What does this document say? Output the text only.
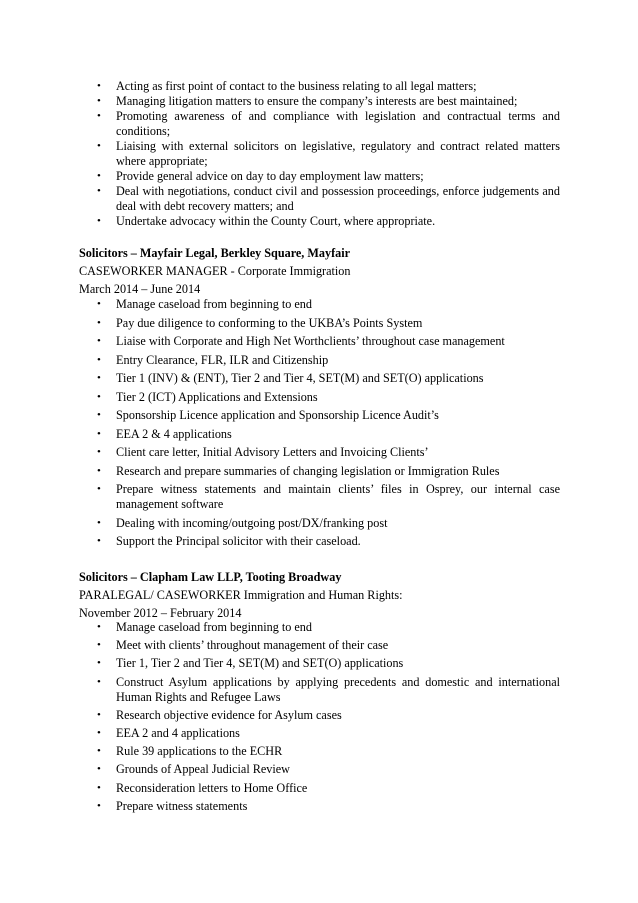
• Acting as first point of contact to the business relating to all legal matters;
• Managing litigation matters to ensure the company’s interests are best maintained;
• Promoting awareness of and compliance with legislation and contractual terms and conditions;
• Liaising with external solicitors on legislative, regulatory and contract related matters where appropriate;
• Provide general advice on day to day employment law matters;
• Deal with negotiations, conduct civil and possession proceedings, enforce judgements and deal with debt recovery matters; and
• Undertake advocacy within the County Court, where appropriate.
Solicitors – Mayfair Legal, Berkley Square, Mayfair
CASEWORKER MANAGER - Corporate Immigration
March 2014 – June 2014
• Manage caseload from beginning to end
• Pay due diligence to conforming to the UKBA’s Points System
• Liaise with Corporate and High Net Worthclients’ throughout case management
• Entry Clearance, FLR, ILR and Citizenship
• Tier 1 (INV) & (ENT), Tier 2 and Tier 4, SET(M) and SET(O) applications
• Tier 2 (ICT) Applications and Extensions
• Sponsorship Licence application and Sponsorship Licence Audit’s
• EEA 2 & 4 applications
• Client care letter, Initial Advisory Letters and Invoicing Clients’
• Research and prepare summaries of changing legislation or Immigration Rules
• Prepare witness statements and maintain clients’ files in Osprey, our internal case management software
• Dealing with incoming/outgoing post/DX/franking post
• Support the Principal solicitor with their caseload.
Solicitors – Clapham Law LLP, Tooting Broadway
PARALEGAL/ CASEWORKER Immigration and Human Rights:
November 2012 – February 2014
• Manage caseload from beginning to end
• Meet with clients’ throughout management of their case
• Tier 1, Tier 2 and Tier 4, SET(M) and SET(O) applications
• Construct Asylum applications by applying precedents and domestic and international Human Rights and Refugee Laws
• Research objective evidence for Asylum cases
• EEA 2 and 4 applications
• Rule 39 applications to the ECHR
• Grounds of Appeal Judicial Review
• Reconsideration letters to Home Office
• Prepare witness statements
